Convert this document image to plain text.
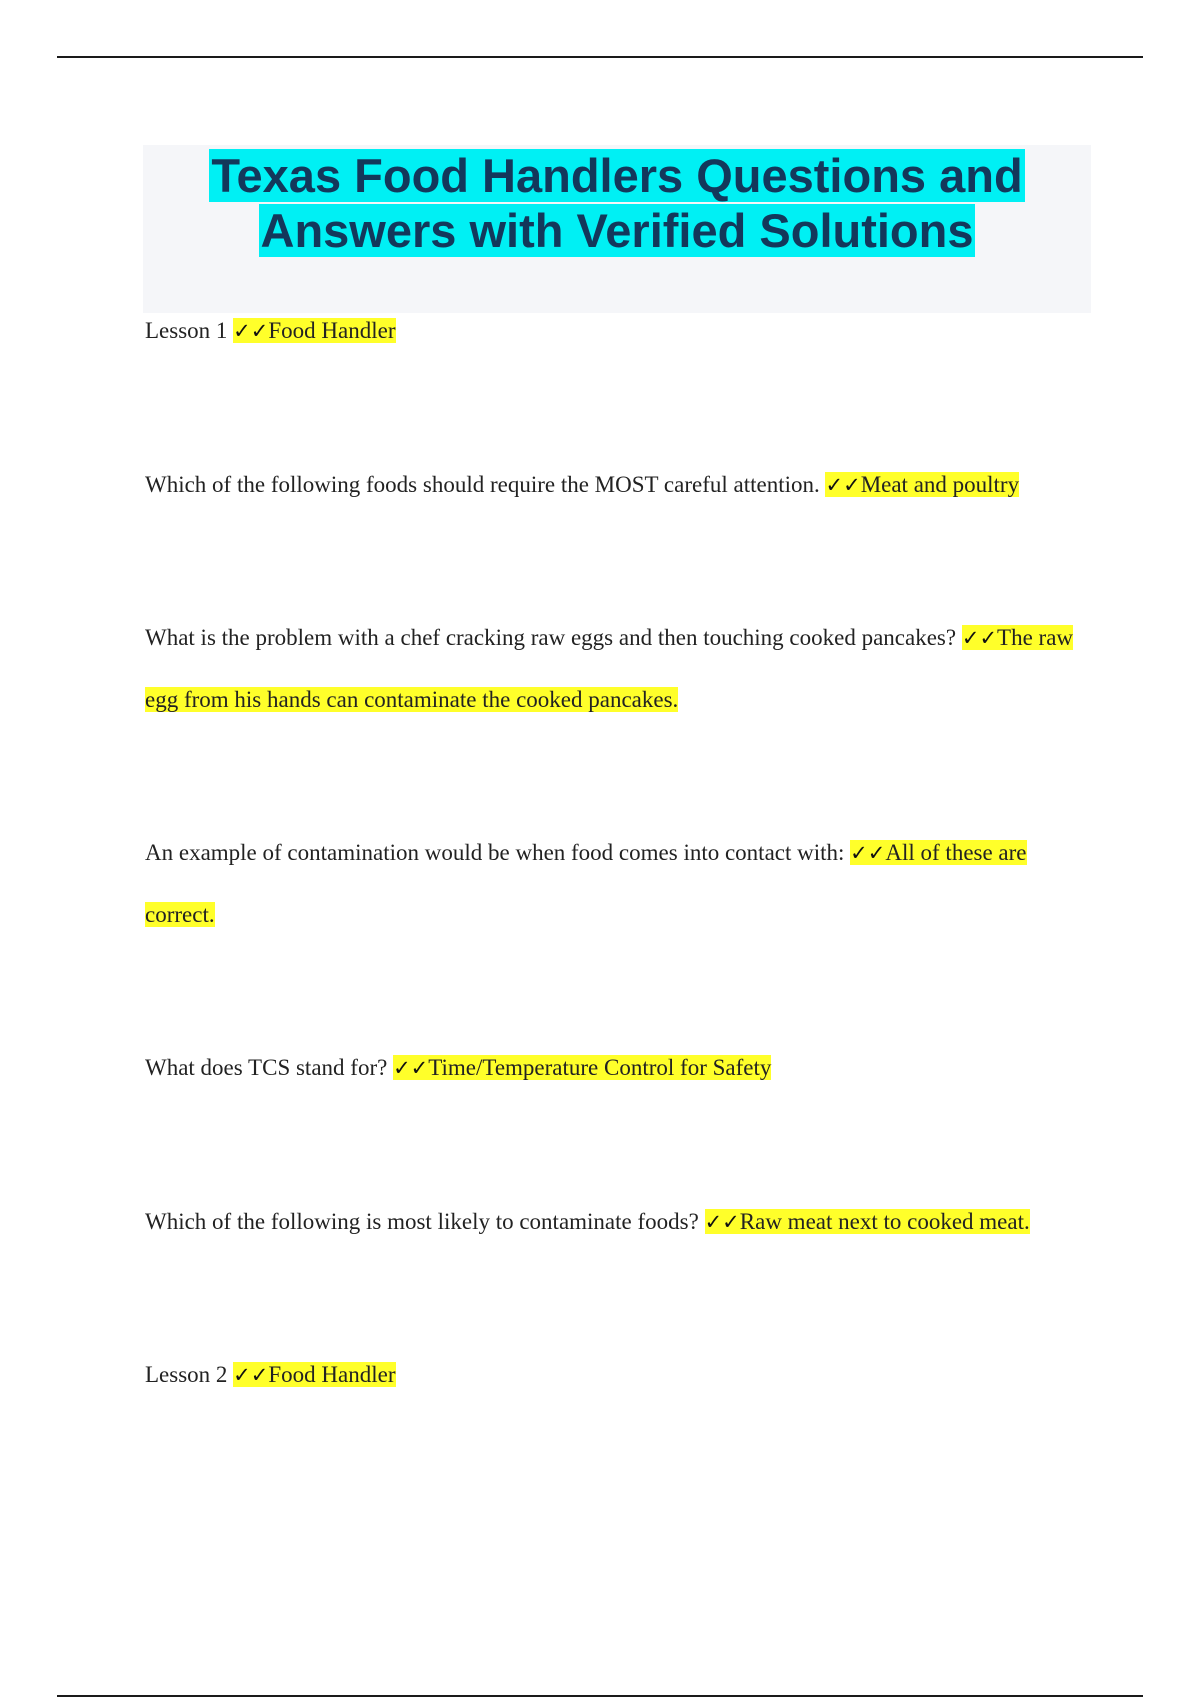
Texas Food Handlers Questions and
Answers with Verified Solutions

Lesson 1 ✓✓Food Handler

Which of the following foods should require the MOST careful attention. ✓✓Meat and poultry

What is the problem with a chef cracking raw eggs and then touching cooked pancakes? ✓✓The raw egg from his hands can contaminate the cooked pancakes.

An example of contamination would be when food comes into contact with: ✓✓All of these are correct.

What does TCS stand for? ✓✓Time/Temperature Control for Safety

Which of the following is most likely to contaminate foods? ✓✓Raw meat next to cooked meat.

Lesson 2 ✓✓Food Handler
